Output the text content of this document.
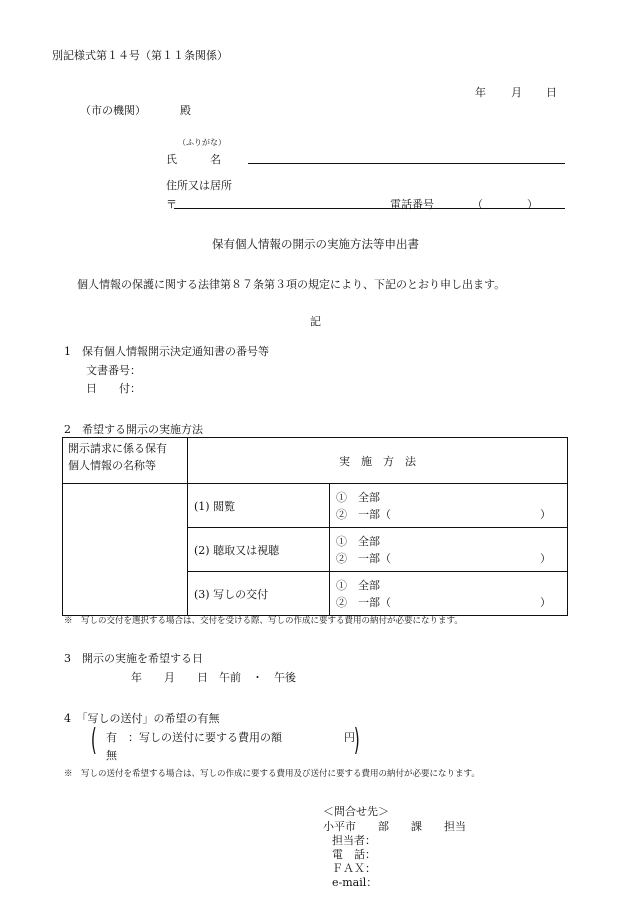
別記様式第１４号（第１１条関係）
年 月 日
（市の機関）	殿
（ふりがな）
氏　　　名
住所又は居所
〒	電話番号	（　　　　）
保有個人情報の開示の実施方法等申出書
個人情報の保護に関する法律第８７条第３項の規定により、下記のとおり申し出ます。
記
1　保有個人情報開示決定通知書の番号等
文書番号：
日　　付：
2　希望する開示の実施方法
開示請求に係る保有
個人情報の名称等	実　施　方　法	
	(1) 閲覧	①　全部
②　一部（ ）

	(2) 聴取又は視聴	①　全部
②　一部（ ）

	(3) 写しの交付	①　全部
②　一部（ ）
※　写しの交付を選択する場合は、交付を受ける際、写しの作成に要する費用の納付が必要になります。
3　開示の実施を希望する日
年　　月　　日　午前　・　午後
4　「写しの送付」の希望の有無
(	)
有　：写しの送付に要する費用の額	円
無
※　写しの送付を希望する場合は、写しの作成に要する費用及び送付に要する費用の納付が必要になります。
＜問合せ先＞
小平市　　部　　課　　担当
担当者：
電　話：
ＦＡＸ：
e-mail：
